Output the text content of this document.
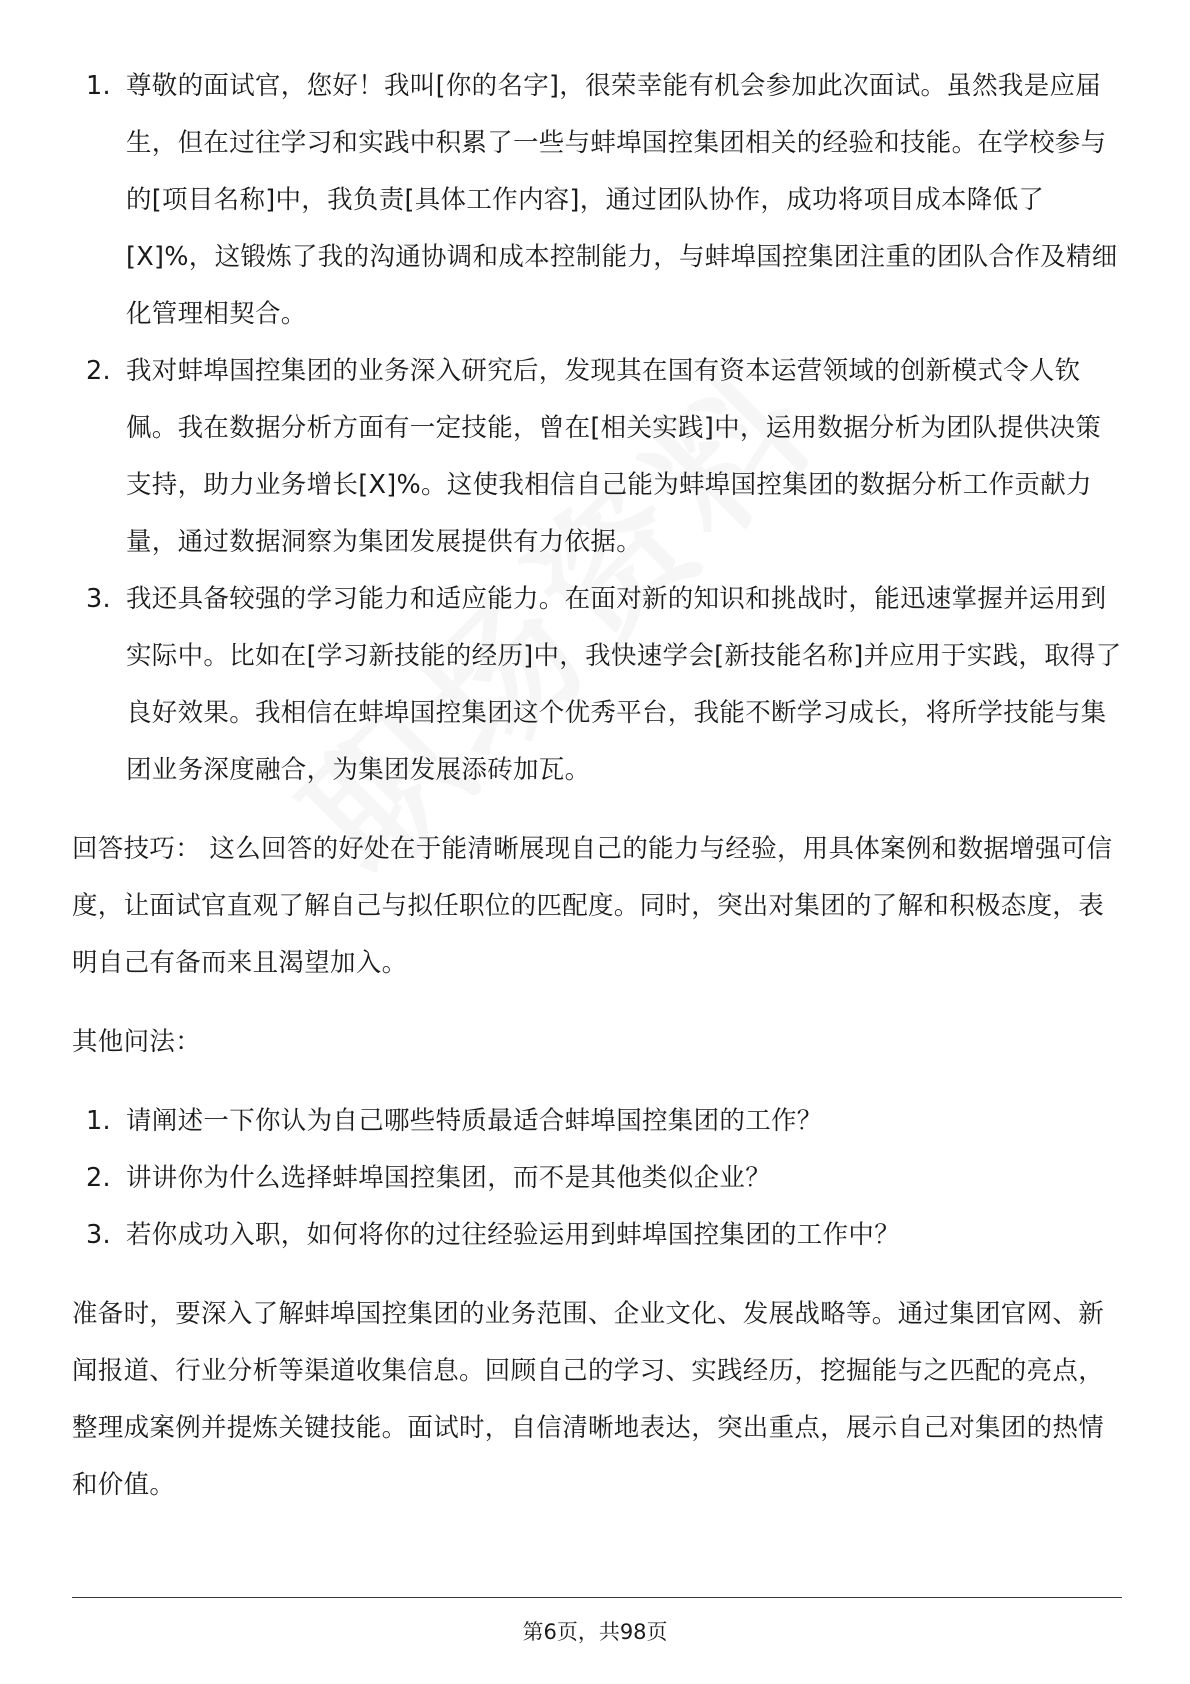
1. 尊敬的面试官，您好！我叫[你的名字]，很荣幸能有机会参加此次面试。虽然我是应届生，但在过往学习和实践中积累了一些与蚌埠国控集团相关的经验和技能。在学校参与的[项目名称]中，我负责[具体工作内容]，通过团队协作，成功将项目成本降低了[X]%，这锻炼了我的沟通协调和成本控制能力，与蚌埠国控集团注重的团队合作及精细化管理相契合。
2. 我对蚌埠国控集团的业务深入研究后，发现其在国有资本运营领域的创新模式令人钦佩。我在数据分析方面有一定技能，曾在[相关实践]中，运用数据分析为团队提供决策支持，助力业务增长[X]%。这使我相信自己能为蚌埠国控集团的数据分析工作贡献力量，通过数据洞察为集团发展提供有力依据。
3. 我还具备较强的学习能力和适应能力。在面对新的知识和挑战时，能迅速掌握并运用到实际中。比如在[学习新技能的经历]中，我快速学会[新技能名称]并应用于实践，取得了良好效果。我相信在蚌埠国控集团这个优秀平台，我能不断学习成长，将所学技能与集团业务深度融合，为集团发展添砖加瓦。

回答技巧： 这么回答的好处在于能清晰展现自己的能力与经验，用具体案例和数据增强可信度，让面试官直观了解自己与拟任职位的匹配度。同时，突出对集团的了解和积极态度，表明自己有备而来且渴望加入。

其他问法：

1. 请阐述一下你认为自己哪些特质最适合蚌埠国控集团的工作？
2. 讲讲你为什么选择蚌埠国控集团，而不是其他类似企业？
3. 若你成功入职，如何将你的过往经验运用到蚌埠国控集团的工作中？

准备时，要深入了解蚌埠国控集团的业务范围、企业文化、发展战略等。通过集团官网、新闻报道、行业分析等渠道收集信息。回顾自己的学习、实践经历，挖掘能与之匹配的亮点，整理成案例并提炼关键技能。面试时，自信清晰地表达，突出重点，展示自己对集团的热情和价值。

第6页，共98页
